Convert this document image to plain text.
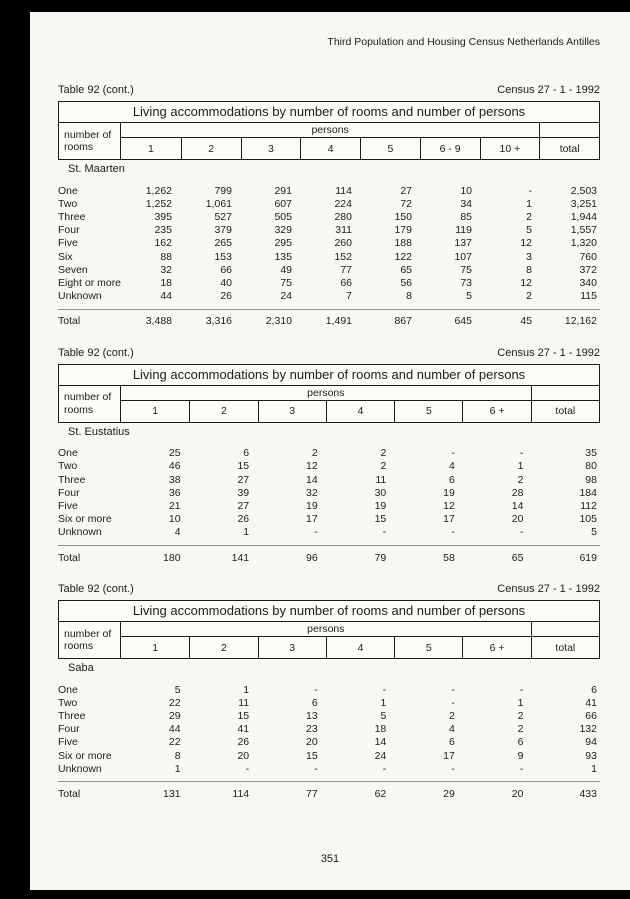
Third Population and Housing Census Netherlands Antilles
Table 92 (cont.)	Census 27 - 1 - 1992
Living accommodations by number of rooms and number of persons
number of
rooms
persons
1	2	3	4	5	6 - 9	10 +	total
St. Maarten
One	1,262	799	291	114	27	10	-	2,503
Two	1,252	1,061	607	224	72	34	1	3,251
Three	395	527	505	280	150	85	2	1,944
Four	235	379	329	311	179	119	5	1,557
Five	162	265	295	260	188	137	12	1,320
Six	88	153	135	152	122	107	3	760
Seven	32	66	49	77	65	75	8	372
Eight or more	18	40	75	66	56	73	12	340
Unknown	44	26	24	7	8	5	2	115
Total	3,488	3,316	2,310	1,491	867	645	45	12,162
Table 92 (cont.)	Census 27 - 1 - 1992
Living accommodations by number of rooms and number of persons
number of
rooms
persons
1	2	3	4	5	6 +	total
St. Eustatius
One	25	6	2	2	-	-	35
Two	46	15	12	2	4	1	80
Three	38	27	14	11	6	2	98
Four	36	39	32	30	19	28	184
Five	21	27	19	19	12	14	112
Six or more	10	26	17	15	17	20	105
Unknown	4	1	-	-	-	-	5
Total	180	141	96	79	58	65	619
Table 92 (cont.)	Census 27 - 1 - 1992
Living accommodations by number of rooms and number of persons
number of
rooms
persons
1	2	3	4	5	6 +	total
Saba
One	5	1	-	-	-	-	6
Two	22	11	6	1	-	1	41
Three	29	15	13	5	2	2	66
Four	44	41	23	18	4	2	132
Five	22	26	20	14	6	6	94
Six or more	8	20	15	24	17	9	93
Unknown	1	-	-	-	-	-	1
Total	131	114	77	62	29	20	433
351
